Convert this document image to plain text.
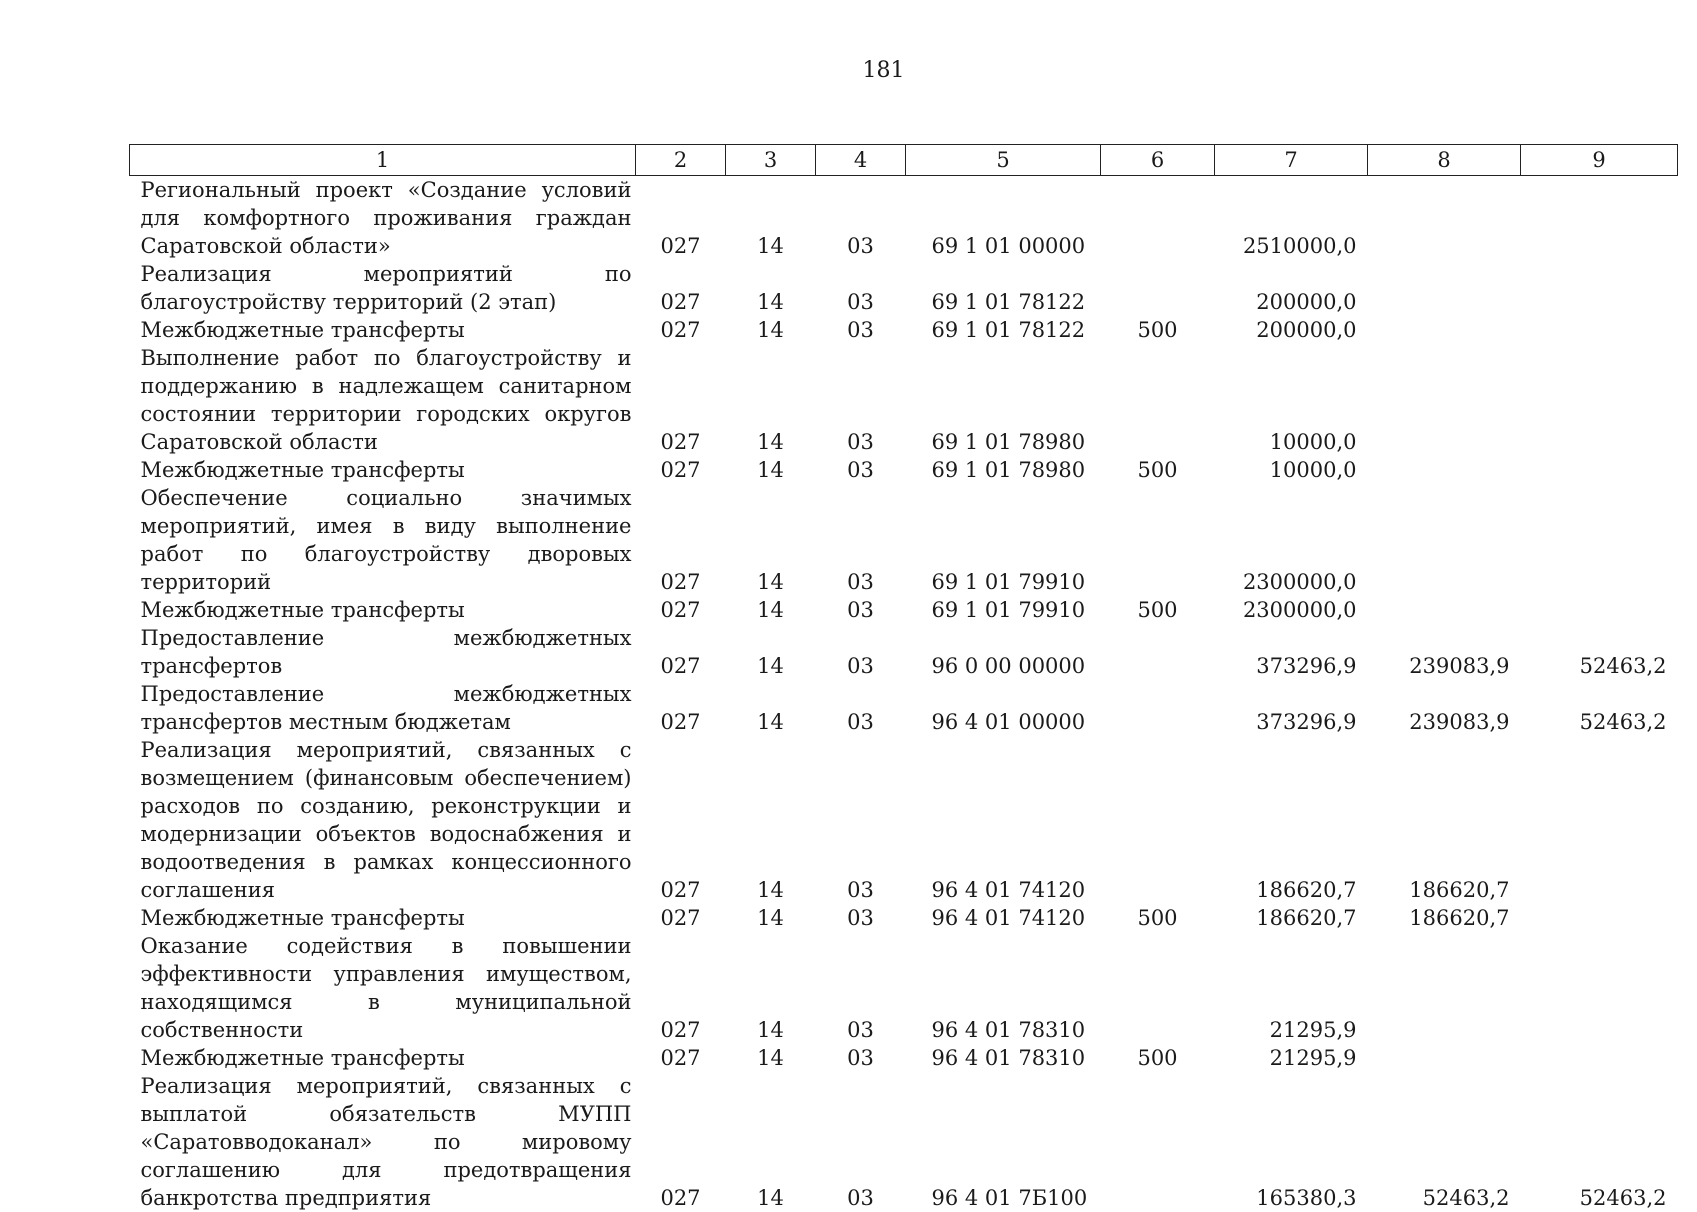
181
1	2	3	4	5	6	7	8	9
Региональный проект «Создание условий для комфортного проживания граждан Саратовской области»	027	14	03	69 1 01 00000		2510000,0		
Реализация мероприятий по благоустройству территорий (2 этап)	027	14	03	69 1 01 78122		200000,0		
Межбюджетные трансферты	027	14	03	69 1 01 78122	500	200000,0		
Выполнение работ по благоустройству и поддержанию в надлежащем санитарном состоянии территории городских округов Саратовской области	027	14	03	69 1 01 78980		10000,0		
Межбюджетные трансферты	027	14	03	69 1 01 78980	500	10000,0		
Обеспечение социально значимых мероприятий, имея в виду выполнение работ по благоустройству дворовых территорий	027	14	03	69 1 01 79910		2300000,0		
Межбюджетные трансферты	027	14	03	69 1 01 79910	500	2300000,0		
Предоставление межбюджетных трансфертов	027	14	03	96 0 00 00000		373296,9	239083,9	52463,2
Предоставление межбюджетных трансфертов местным бюджетам	027	14	03	96 4 01 00000		373296,9	239083,9	52463,2
Реализация мероприятий, связанных с возмещением (финансовым обеспечением) расходов по созданию, реконструкции и модернизации объектов водоснабжения и водоотведения в рамках концессионного соглашения	027	14	03	96 4 01 74120		186620,7	186620,7	
Межбюджетные трансферты	027	14	03	96 4 01 74120	500	186620,7	186620,7	
Оказание содействия в повышении эффективности управления имуществом, находящимся в муниципальной собственности	027	14	03	96 4 01 78310		21295,9		
Межбюджетные трансферты	027	14	03	96 4 01 78310	500	21295,9		
Реализация мероприятий, связанных с выплатой обязательств МУПП «Саратовводоканал» по мировому соглашению для предотвращения банкротства предприятия	027	14	03	96 4 01 7Б100		165380,3	52463,2	52463,2
